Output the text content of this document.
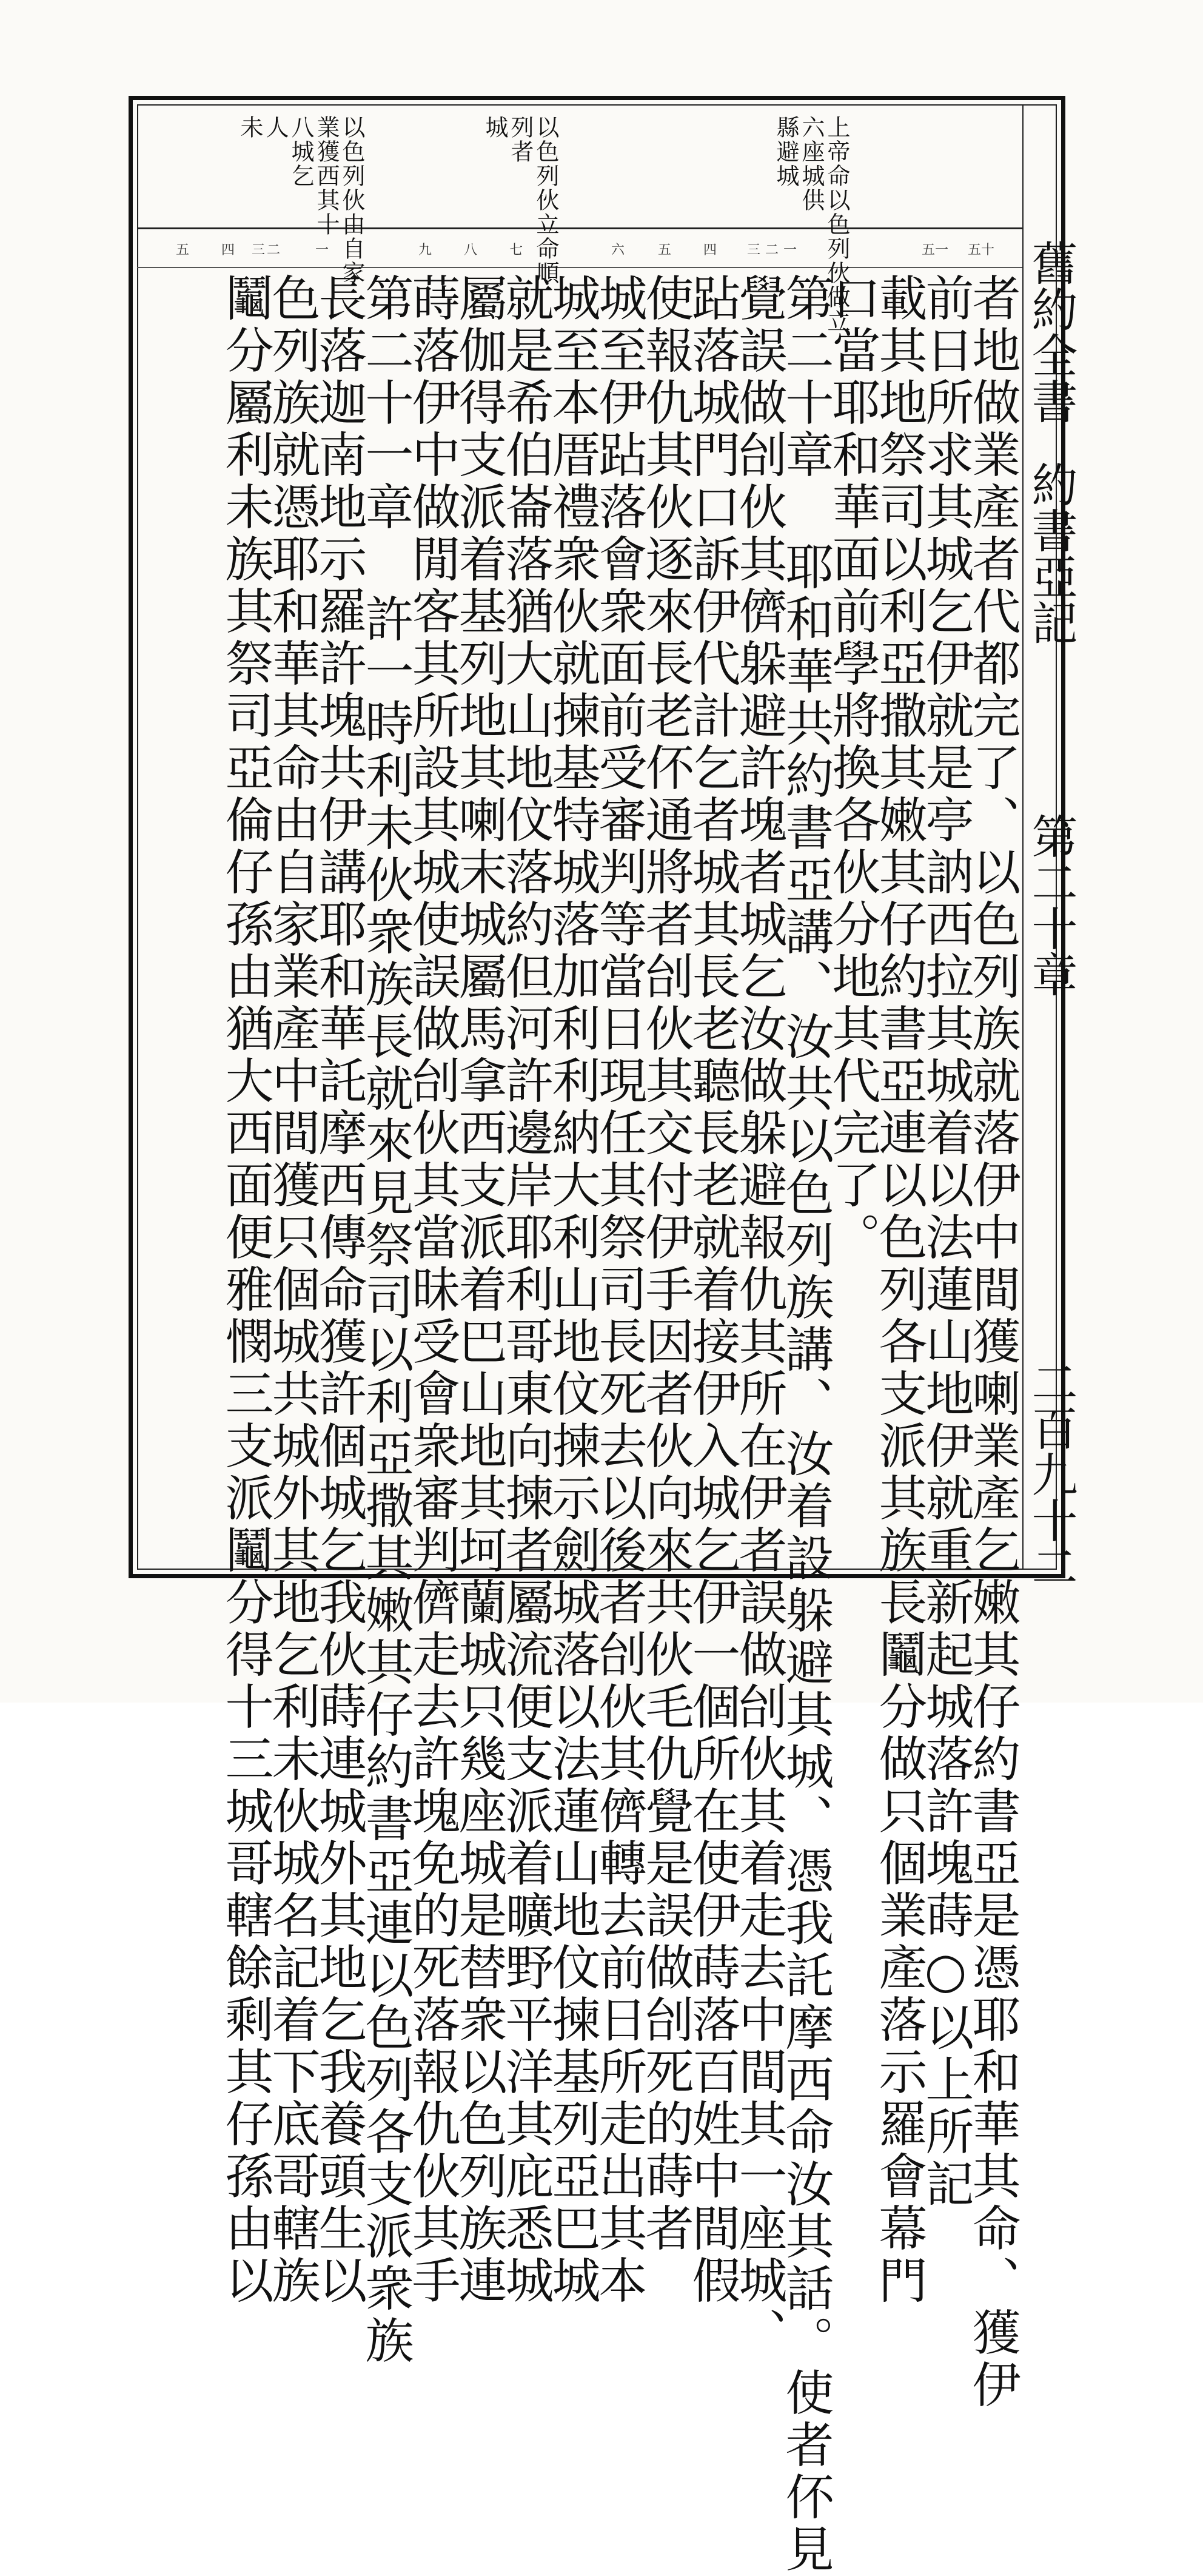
上帝命以色列伙做立
六座城供
縣避城
以色列伙立命順
列者
城
以色列伙由自家
業獲西其十
八城乞
人
未
舊約全書
約書亞記
第二十章
二百九十二
五十
五一
一
二
三
四
五
六
七
八
九
一
二
三
四
五
者地做業產者代都完了、以色列族就落伊中間獲喇業產乞嫩其仔約書亞是憑耶和華其命、獲伊
前日所求其城乞伊就是亭訥西拉其城着以法蓮山地伊就重新起城落許塊蒔○以上所記
載其地祭司以利亞撒其嫩其仔約書亞連以色列各支派其族長鬮分做只個業產落示羅會幕門
口當耶和華面前學將換各伙分地其代完了。
第二十章 耶和華共約書亞講、汝共以色列族講、汝着設躲避其城、憑我託摩西命汝其話。使者伓見
覺誤做刣伙其儕躲避許塊者城乞汝做躲避報仇其所在伊者誤做刣伙其着走去中間其一座城、
跕落城門口訴伊代計乞者城其長老聽長老就着接伊入城乞伊一個所在使伊蒔落百姓中間假
使報仇其伙逐來長老伓通將者刣伙其交付伊手因者伙向來共伙毛仇覺是誤做刣死的蒔者
城至伊跕落會衆面前受審判等當日現任其祭司長死去以後者刣伙其儕轉去前日所走出其本
城至本厝禮衆伙就揀基特城落加利利納大利山地伩揀示劍城落以法蓮山地伩揀基列亞巴城
就是希伯崙落猶大山地伩落約但河許邊岸耶利哥東向揀者屬流便支派着曠野平洋其庇悉城
屬伽得支派着基列地其喇末城屬馬拿西支派着巴山地其坷蘭城只幾座城是替衆以色列族連
蒔落伊中做閒客其所設其城使誤做刣伙其當昧受會衆審判儕走去許塊免的死落報仇伙其手
第二十一章 許一時利未伙衆族長就來見祭司以利亞撒其嫩其仔約書亞連以色列各支派衆族
長落迦南地示羅許塊共伊講耶和華託摩西傳命獲許個城乞我伙蒔連城外其地乞我養頭生以
色列族就憑耶和華其命由自家業產中間獲只個城共城外其地乞利未伙城名記着下底哥轄族
鬮分屬利未族其祭司亞倫仔孫由猶大西面便雅憫三支派鬮分得十三城哥轄餘剩其仔孫由以
